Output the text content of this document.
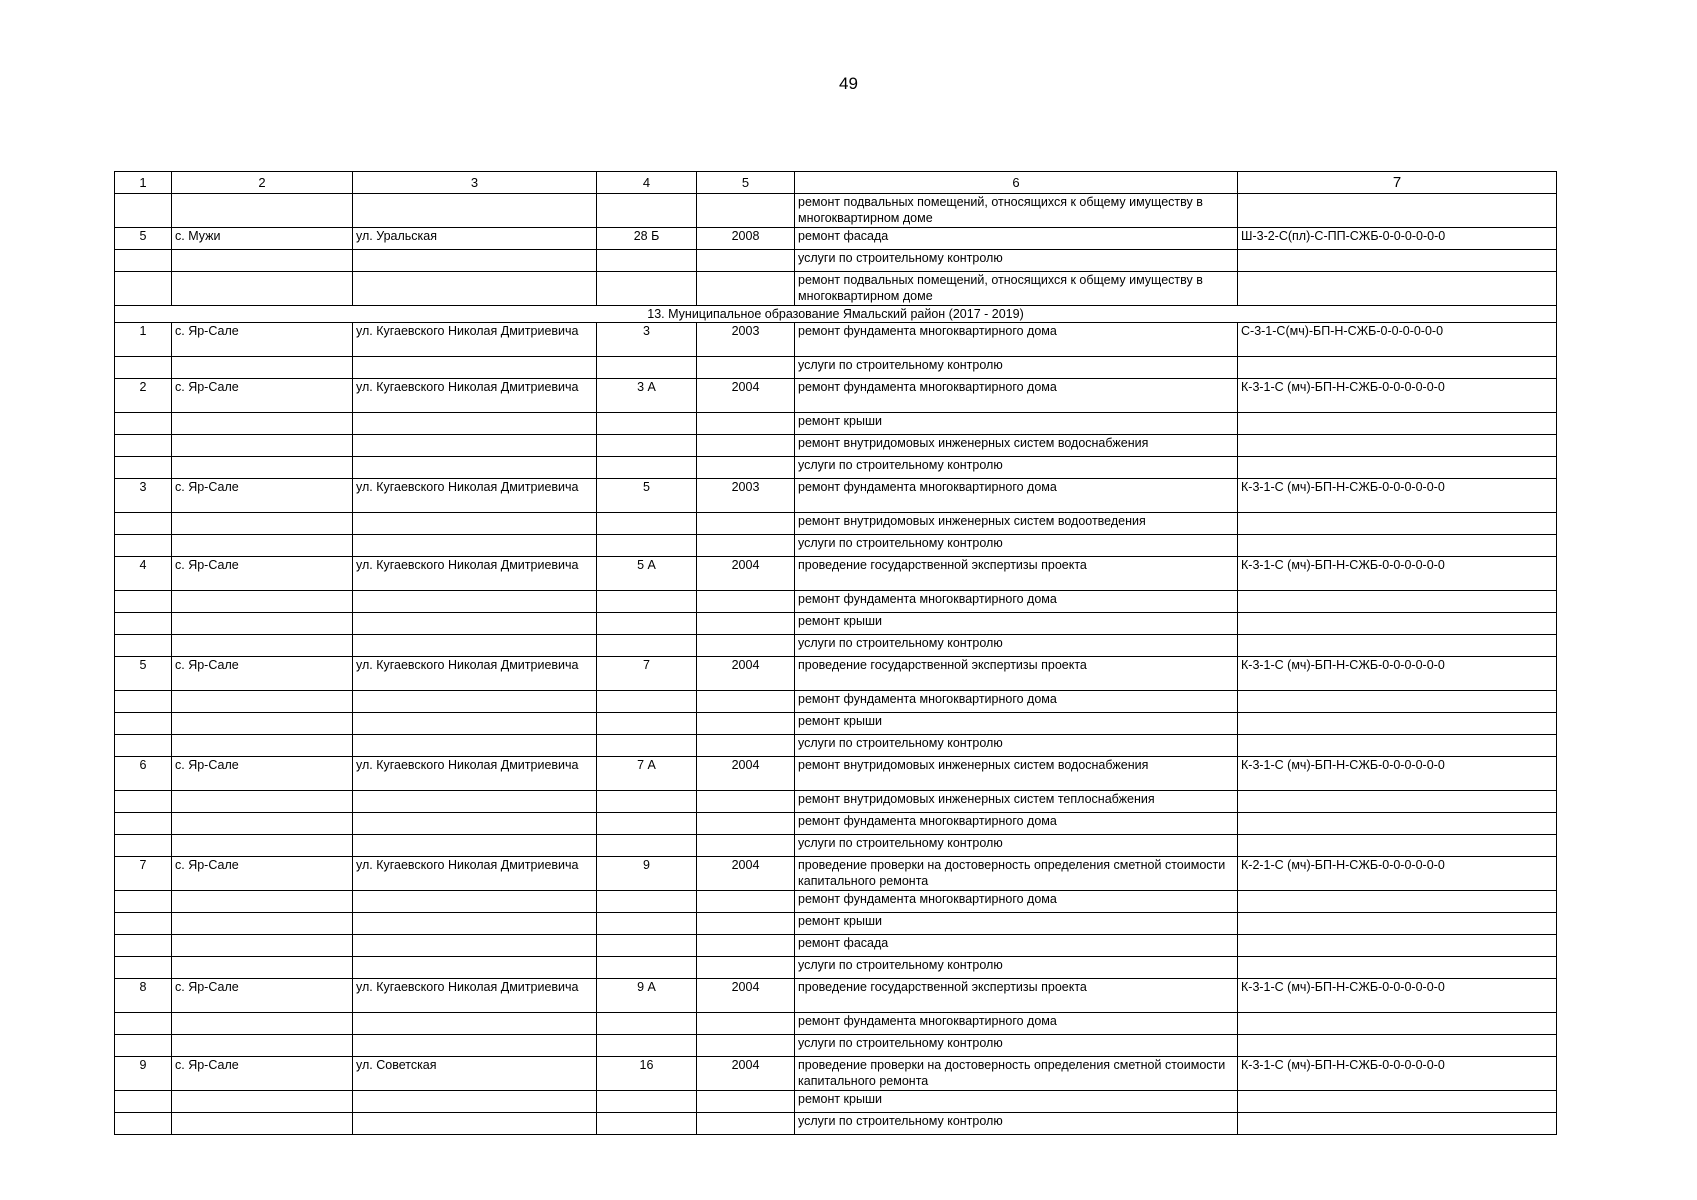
49
1	2	3	4	5	6	7
					ремонт подвальных помещений, относящихся к общему имуществу в многоквартирном доме	
5	с. Мужи	ул. Уральская	28 Б	2008	ремонт фасада	Ш-3-2-С(пл)-С-ПП-СЖБ-0-0-0-0-0-0
					услуги по строительному контролю	
					ремонт подвальных помещений, относящихся к общему имуществу в многоквартирном доме	
13. Муниципальное образование Ямальский район (2017 - 2019)						
1	с. Яр-Сале	ул. Кугаевского Николая Дмитриевича	3	2003	ремонт фундамента многоквартирного дома	С-3-1-С(мч)-БП-Н-СЖБ-0-0-0-0-0-0
					услуги по строительному контролю	
2	с. Яр-Сале	ул. Кугаевского Николая Дмитриевича	3 А	2004	ремонт фундамента многоквартирного дома	К-3-1-С (мч)-БП-Н-СЖБ-0-0-0-0-0-0
					ремонт крыши	
					ремонт внутридомовых инженерных систем водоснабжения	
					услуги по строительному контролю	
3	с. Яр-Сале	ул. Кугаевского Николая Дмитриевича	5	2003	ремонт фундамента многоквартирного дома	К-3-1-С (мч)-БП-Н-СЖБ-0-0-0-0-0-0
					ремонт внутридомовых инженерных систем водоотведения	
					услуги по строительному контролю	
4	с. Яр-Сале	ул. Кугаевского Николая Дмитриевича	5 А	2004	проведение государственной экспертизы проекта	К-3-1-С (мч)-БП-Н-СЖБ-0-0-0-0-0-0
					ремонт фундамента многоквартирного дома	
					ремонт крыши	
					услуги по строительному контролю	
5	с. Яр-Сале	ул. Кугаевского Николая Дмитриевича	7	2004	проведение государственной экспертизы проекта	К-3-1-С (мч)-БП-Н-СЖБ-0-0-0-0-0-0
					ремонт фундамента многоквартирного дома	
					ремонт крыши	
					услуги по строительному контролю	
6	с. Яр-Сале	ул. Кугаевского Николая Дмитриевича	7 А	2004	ремонт внутридомовых инженерных систем водоснабжения	К-3-1-С (мч)-БП-Н-СЖБ-0-0-0-0-0-0
					ремонт внутридомовых инженерных систем теплоснабжения	
					ремонт фундамента многоквартирного дома	
					услуги по строительному контролю	
7	с. Яр-Сале	ул. Кугаевского Николая Дмитриевича	9	2004	проведение проверки на достоверность определения сметной стоимости капитального ремонта	К-2-1-С (мч)-БП-Н-СЖБ-0-0-0-0-0-0
					ремонт фундамента многоквартирного дома	
					ремонт крыши	
					ремонт фасада	
					услуги по строительному контролю	
8	с. Яр-Сале	ул. Кугаевского Николая Дмитриевича	9 А	2004	проведение государственной экспертизы проекта	К-3-1-С (мч)-БП-Н-СЖБ-0-0-0-0-0-0
					ремонт фундамента многоквартирного дома	
					услуги по строительному контролю	
9	с. Яр-Сале	ул. Советская	16	2004	проведение проверки на достоверность определения сметной стоимости капитального ремонта	К-3-1-С (мч)-БП-Н-СЖБ-0-0-0-0-0-0
					ремонт крыши	
					услуги по строительному контролю	
